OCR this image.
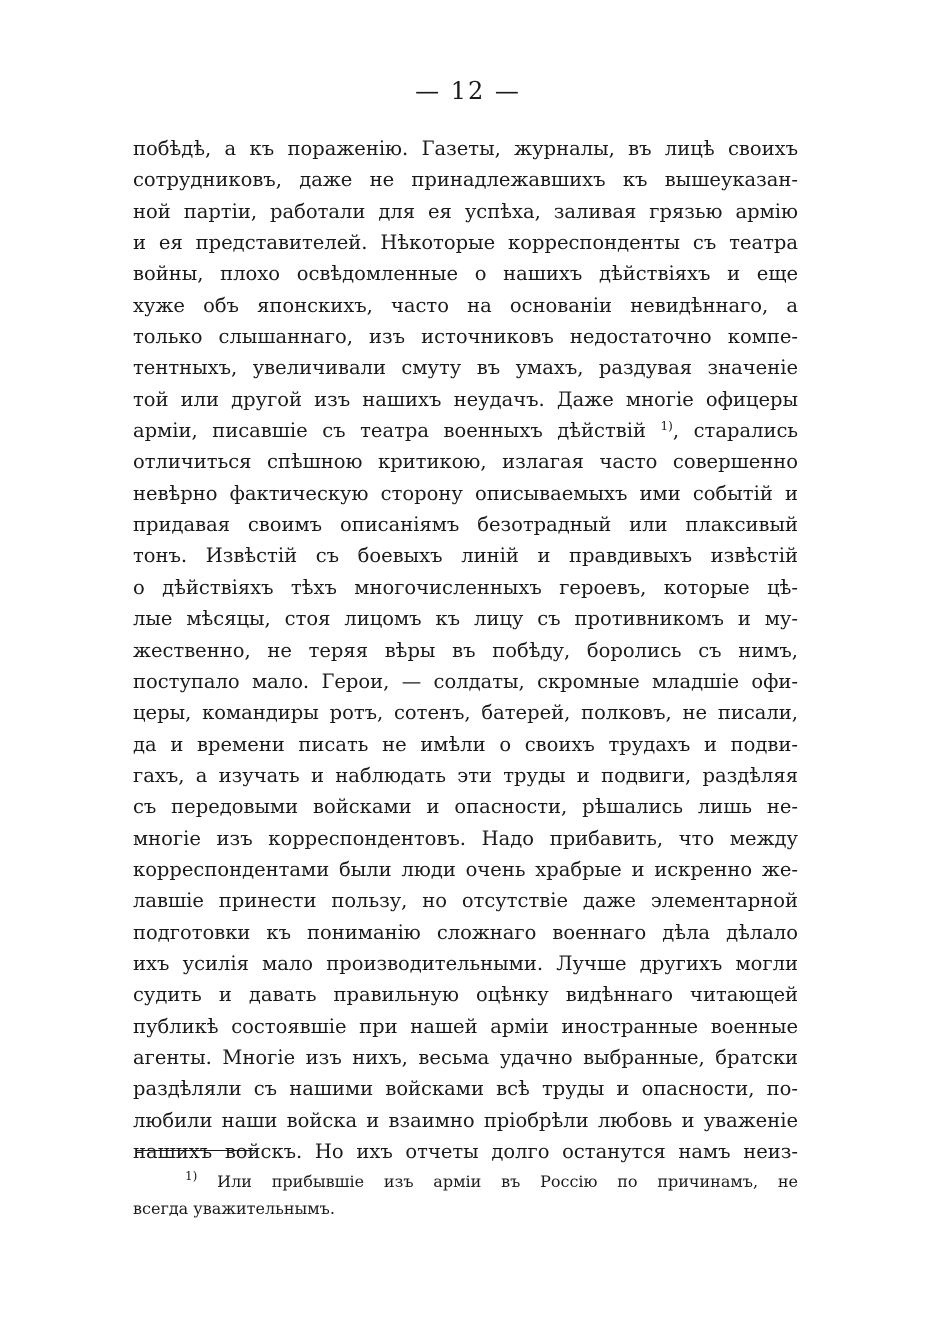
— 12 —
побѣдѣ, а къ пораженію. Газеты, журналы, въ лицѣ своихъ
сотрудниковъ, даже не принадлежавшихъ къ вышеуказан-
ной партіи, работали для ея успѣха, заливая грязью армію
и ея представителей. Нѣкоторые корреспонденты съ театра
войны, плохо освѣдомленные о нашихъ дѣйствіяхъ и еще
хуже объ японскихъ, часто на основаніи невидѣннаго, а
только слышаннаго, изъ источниковъ недостаточно компе-
тентныхъ, увеличивали смуту въ умахъ, раздувая значеніе
той или другой изъ нашихъ неудачъ. Даже многіе офицеры
арміи, писавшіе съ театра военныхъ дѣйствій $^{1)}$, старались
отличиться спѣшною критикою, излагая часто совершенно
невѣрно фактическую сторону описываемыхъ ими событій и
придавая своимъ описаніямъ безотрадный или плаксивый
тонъ. Извѣстій съ боевыхъ линій и правдивыхъ извѣстій
о дѣйствіяхъ тѣхъ многочисленныхъ героевъ, которые цѣ-
лые мѣсяцы, стоя лицомъ къ лицу съ противникомъ и му-
жественно, не теряя вѣры въ побѣду, боролись съ нимъ,
поступало мало. Герои, — солдаты, скромные младшіе офи-
церы, командиры ротъ, сотенъ, батерей, полковъ, не писали,
да и времени писать не имѣли о своихъ трудахъ и подви-
гахъ, а изучать и наблюдать эти труды и подвиги, раздѣляя
съ передовыми войсками и опасности, рѣшались лишь не-
многіе изъ корреспондентовъ. Надо прибавить, что между
корреспондентами были люди очень храбрые и искренно же-
лавшіе принести пользу, но отсутствіе даже элементарной
подготовки къ пониманію сложнаго военнаго дѣла дѣлало
ихъ усилія мало производительными. Лучше другихъ могли
судить и давать правильную оцѣнку видѣннаго читающей
публикѣ состоявшіе при нашей арміи иностранные военные
агенты. Многіе изъ нихъ, весьма удачно выбранные, братски
раздѣляли съ нашими войсками всѣ труды и опасности, по-
любили наши войска и взаимно пріобрѣли любовь и уваженіе
нашихъ войскъ. Но ихъ отчеты долго останутся намъ неиз-
$^{1)}$ Или прибывшіе изъ арміи въ Россію по причинамъ, не
всегда уважительнымъ.
